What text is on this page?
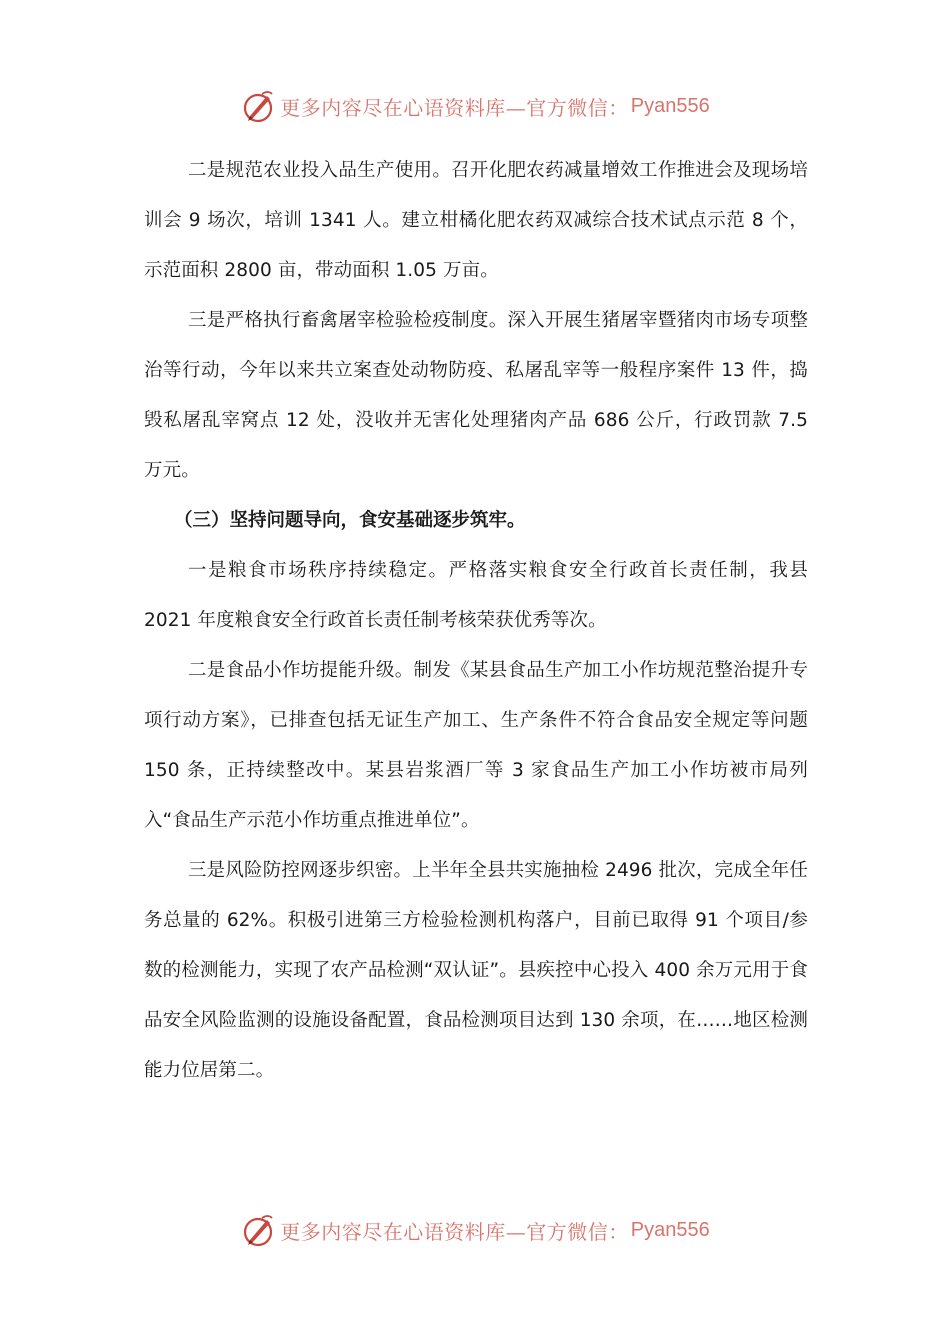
更多内容尽在心语资料库—官方微信： Pyan556

二是规范农业投入品生产使用。召开化肥农药减量增效工作推进会及现场培训会 9 场次，培训 1341 人。建立柑橘化肥农药双减综合技术试点示范 8 个，示范面积 2800 亩，带动面积 1.05 万亩。

三是严格执行畜禽屠宰检验检疫制度。深入开展生猪屠宰暨猪肉市场专项整治等行动，今年以来共立案查处动物防疫、私屠乱宰等一般程序案件 13 件，捣毁私屠乱宰窝点 12 处，没收并无害化处理猪肉产品 686 公斤，行政罚款 7.5 万元。

（三）坚持问题导向，食安基础逐步筑牢。

一是粮食市场秩序持续稳定。严格落实粮食安全行政首长责任制，我县 2021 年度粮食安全行政首长责任制考核荣获优秀等次。

二是食品小作坊提能升级。制发《某县食品生产加工小作坊规范整治提升专项行动方案》，已排查包括无证生产加工、生产条件不符合食品安全规定等问题 150 条，正持续整改中。某县岩浆酒厂等 3 家食品生产加工小作坊被市局列入“食品生产示范小作坊重点推进单位”。

三是风险防控网逐步织密。上半年全县共实施抽检 2496 批次，完成全年任务总量的 62%。积极引进第三方检验检测机构落户，目前已取得 91 个项目/参数的检测能力，实现了农产品检测“双认证”。县疾控中心投入 400 余万元用于食品安全风险监测的设施设备配置，食品检测项目达到 130 余项，在……地区检测能力位居第二。

更多内容尽在心语资料库—官方微信： Pyan556
